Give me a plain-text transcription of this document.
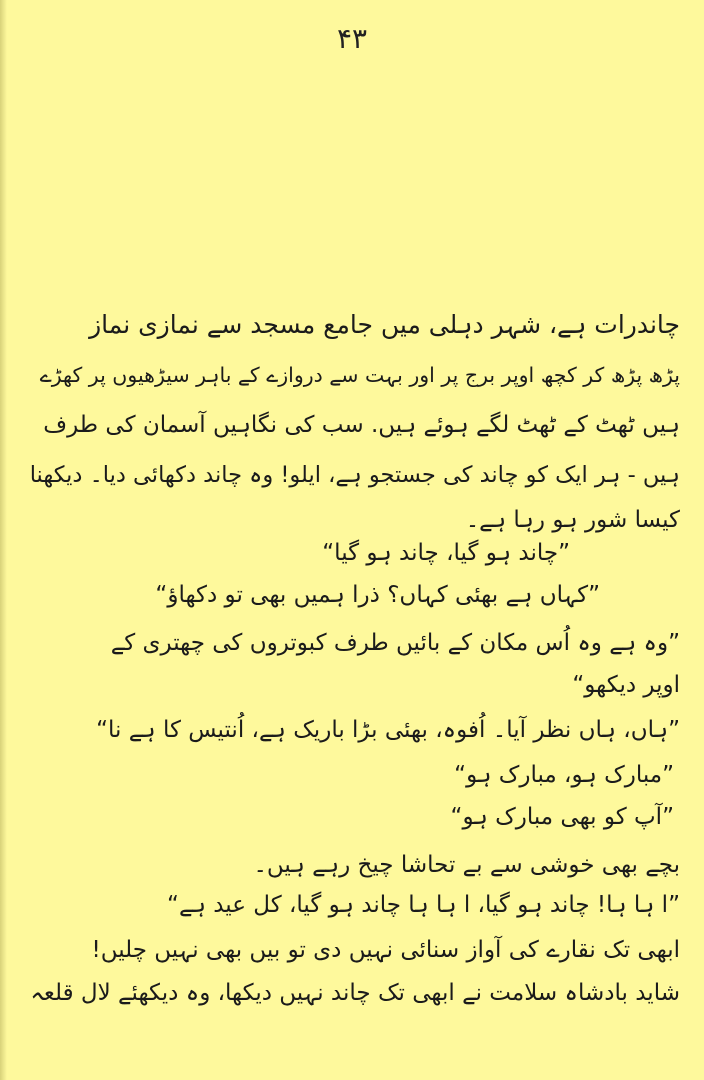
۴۳
چاندرات ہے، شہر دہلی میں جامع مسجد سے نمازی نماز
پڑھ پڑھ کر کچھ اوپر برج پر اور بہت سے دروازے کے باہر سیڑھیوں پر کھڑے
ہیں ٹھٹ کے ٹھٹ لگے ہوئے ہیں. سب کی نگاہیں آسمان کی طرف
ہیں - ہر ایک کو چاند کی جستجو ہے، ایلو! وہ چاند دکھائی دیا۔ دیکھنا
کیسا شور ہو رہا ہے۔
”چاند ہو گیا، چاند ہو گیا“
”کہاں ہے بھئی کہاں؟ ذرا ہمیں بھی تو دکھاؤ“
”وہ ہے وہ اُس مکان کے بائیں طرف کبوتروں کی چھتری کے
اوپر دیکھو“
”ہاں، ہاں نظر آیا۔ اُفوہ، بھئی بڑا باریک ہے، اُنتیس کا ہے نا“
”مبارک ہو، مبارک ہو“
”آپ کو بھی مبارک ہو“
بچے بھی خوشی سے بے تحاشا چیخ رہے ہیں۔
”ا ہا ہا! چاند ہو گیا، ا ہا ہا چاند ہو گیا، کل عید ہے“
ابھی تک نقارے کی آواز سنائی نہیں دی تو بیں بھی نہیں چلیں!
شاید بادشاہ سلامت نے ابھی تک چاند نہیں دیکھا، وہ دیکھئے لال قلعہ
